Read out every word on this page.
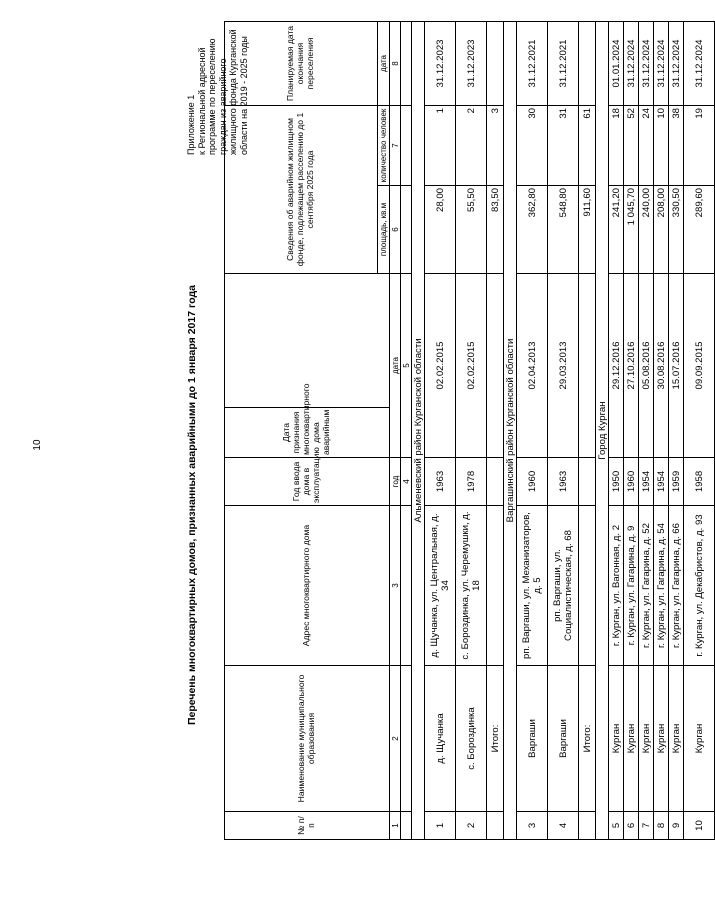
10	Перечень многоквартирных домов, признанных аварийными до 1 января 2017 года
Приложение 1 к Региональной адресной программе по переселению граждан из аварийного жилищного фонда Курганской области на 2019 - 2025 годы
№ п/п	Наименование муниципального образования	Адрес многоквартирного дома	Год ввода дома в эксплуатацию	Дата признания многоквартирного дома аварийным		Сведения об аварийном жилищном фонде, подлежащем расселению до 1 сентября 2025 года		Планируемая дата окончания переселения
						площадь, кв.м	количество человек	дата
1	2	3	год	дата		6	7	8
			4	5				
Альменевский район Курганской области								
1	д. Щучанка	д. Щучанка, ул. Центральная, д. 34	1963	02.02.2015		28,00	1	31.12.2023
2	с. Бороздинка	с. Бороздинка, ул. Черемушки, д. 18	1978	02.02.2015		55,50	2	31.12.2023
	Итого:					83,50	3	
Варгашинский район Курганской области								
3	Варгаши	рп. Варгаши, ул. Механизаторов, д. 5	1960	02.04.2013		362,80	30	31.12.2021
4	Варгаши	рп. Варгаши, ул. Социалистическая, д. 68	1963	29.03.2013		548,80	31	31.12.2021
	Итого:					911,60	61	
Город Курган								
5	Курган	г. Курган, ул. Вагонная, д. 2	1950	29.12.2016		241,20	18	01.01.2024
6	Курган	г. Курган, ул. Гагарина, д. 9	1960	27.10.2016		1 045,70	52	31.12.2024
7	Курган	г. Курган, ул. Гагарина, д. 52	1954	05.08.2016		240,00	24	31.12.2024
8	Курган	г. Курган, ул. Гагарина, д. 54	1954	30.08.2016		208,00	10	31.12.2024
9	Курган	г. Курган, ул. Гагарина, д. 66	1959	15.07.2016		330,50	38	31.12.2024
10	Курган	г. Курган, ул. Декабристов, д. 93	1958	09.09.2015		289,60	19	31.12.2024
